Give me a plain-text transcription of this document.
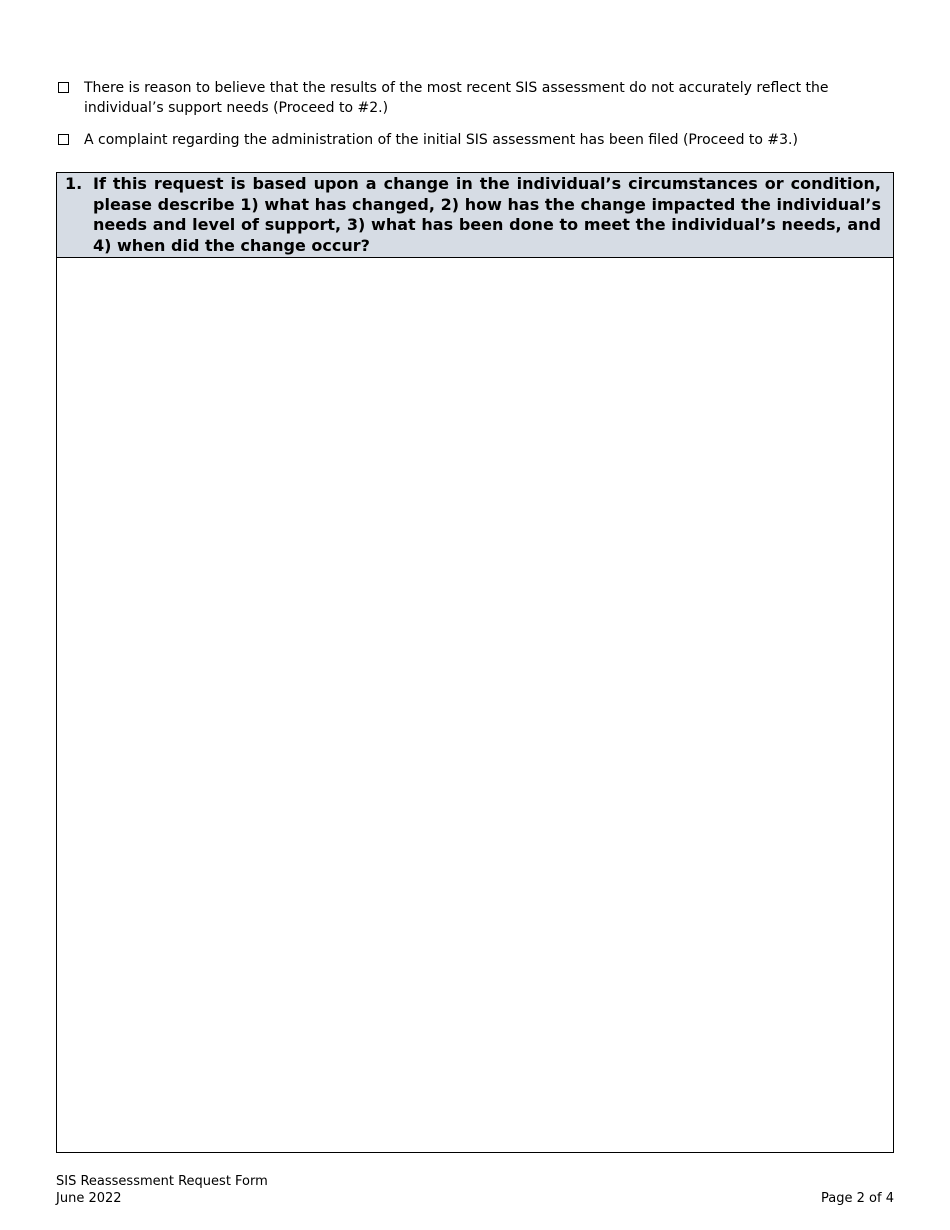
There is reason to believe that the results of the most recent SIS assessment do not accurately reflect the individual’s support needs (Proceed to #2.)
A complaint regarding the administration of the initial SIS assessment has been filed (Proceed to #3.)
1. If this request is based upon a change in the individual’s circumstances or condition, please describe 1) what has changed, 2) how has the change impacted the individual’s needs and level of support, 3) what has been done to meet the individual’s needs, and 4) when did the change occur?
SIS Reassessment Request Form
June 2022	Page 2 of 4
